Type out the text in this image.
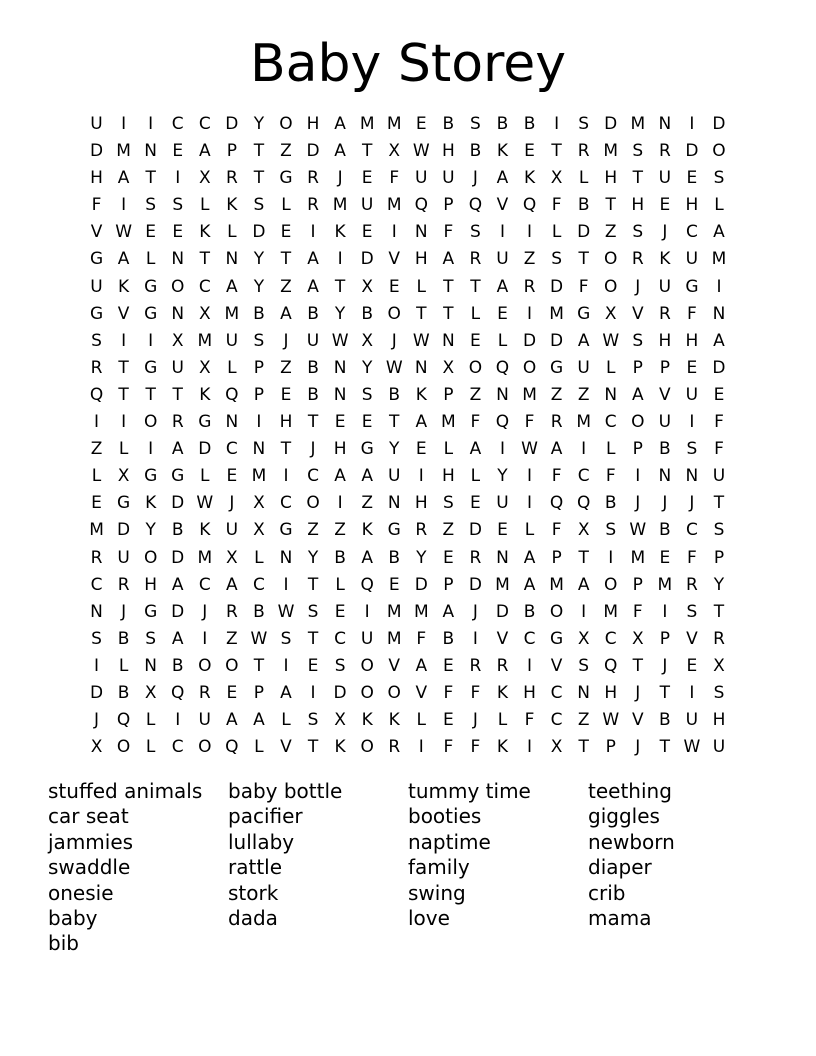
Baby Storey
U	I	I	C C D Y O H A M M E B S B B	I	S D M N	I	D
D M N E A P T Z D A T X W H B K E T R M S R D O
H A T	I	X R T G R	J	E F U U	J	A K X L H T U E S
F	I	S S L K S L R M U M Q P Q V Q F B T H E H L
V W E E K L D E	I	K E	I	N F S	I	I	L D Z S	J	C A
G A L N T N Y T A	I	D V H A R U Z S T O R K U M
U K G O C A Y Z A T X E L	T T A R D F O	J	U G	I
G V G N X M B A B Y B O T T	L E	I	M G X V R F N
S	I	I	X M U S	J	U W X	J W N E L D D A W S H H A
R T G U X L	P Z B N Y W N X O Q O G U L	P P E D
Q T T T K Q P E B N S B K P Z N M Z Z N A V U E
I	I	O R G N	I	H T E E T A M F Q F R M C O U	I	F
Z L	I	A D C N T	J	H G Y E L A	I W A	I	L	P B S F
L X G G L E M	I	C A A U	I	H L	Y	I	F C F	I	N N U
E G K D W J	X C O	I	Z N H S E U	I	Q Q B	J	J	J	T
M D Y B K U X G Z Z K G R Z D E L	F X S W B C S
R U O D M X L N Y B A B Y E R N A P T	I	M E F	P
C R H A C A C	I	T	L Q E D P D M A M A O P M R Y
N	J	G D	J	R B W S E	I	M M A	J	D B O	I	M F	I	S T
S B S A	I	Z W S T C U M F B	I	V C G X C X P V R
I	L N B O O T	I	E S O V A E R R	I	V S Q T	J	E X
D B X Q R E P A	I	D O O V F	F K H C N H	J	T	I	S
J	Q L	I	U A A L S X K K L E	J	L	F C Z W V B U H
X O L C O Q L V T K O R	I	F	F K	I	X T P	J	T W U
stuffed animals
car seat
jammies
swaddle
onesie
baby
bib
baby bottle
pacifier
lullaby
rattle
stork
dada
tummy time
booties
naptime
family
swing
love
teething
giggles
newborn
diaper
crib
mama
